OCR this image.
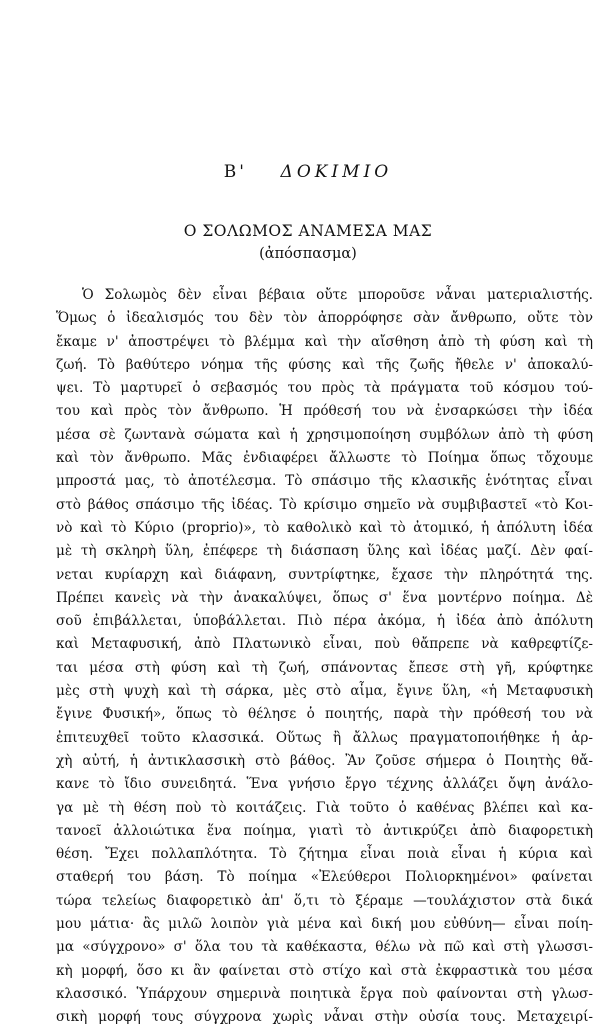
Β' ΔΟΚΙΜΙΟ
Ο ΣΟΛΩΜΟΣ ΑΝΑΜΕΣΑ ΜΑΣ
(ἀπόσπασμα)
Ὁ Σολωμὸς δὲν εἶναι βέβαια οὔτε μποροῦσε νἆναι ματεριαλιστής.
Ὅμως ὁ ἰδεαλισμός του δὲν τὸν ἀπορρόφησε σὰν ἄνθρωπο, οὔτε τὸν
ἔκαμε ν' ἀποστρέψει τὸ βλέμμα καὶ τὴν αἴσθηση ἀπὸ τὴ φύση καὶ τὴ
ζωή. Τὸ βαθύτερο νόημα τῆς φύσης καὶ τῆς ζωῆς ἤθελε ν' ἀποκαλύ-
ψει. Τὸ μαρτυρεῖ ὁ σεβασμός του πρὸς τὰ πράγματα τοῦ κόσμου τού-
του καὶ πρὸς τὸν ἄνθρωπο. Ἡ πρόθεσή του νὰ ἐνσαρκώσει τὴν ἰδέα
μέσα σὲ ζωντανὰ σώματα καὶ ἡ χρησιμοποίηση συμβόλων ἀπὸ τὴ φύση
καὶ τὸν ἄνθρωπο. Μᾶς ἐνδιαφέρει ἄλλωστε τὸ Ποίημα ὅπως τὄχουμε
μπροστά μας, τὸ ἀποτέλεσμα. Τὸ σπάσιμο τῆς κλασικῆς ἑνότητας εἶναι
στὸ βάθος σπάσιμο τῆς ἰδέας. Τὸ κρίσιμο σημεῖο νὰ συμβιβαστεῖ «τὸ Κοι-
νὸ καὶ τὸ Κύριο (proprio)», τὸ καθολικὸ καὶ τὸ ἀτομικό, ἡ ἀπόλυτη ἰδέα
μὲ τὴ σκληρὴ ὕλη, ἐπέφερε τὴ διάσπαση ὕλης καὶ ἰδέας μαζί. Δὲν φαί-
νεται κυρίαρχη καὶ διάφανη, συντρίφτηκε, ἔχασε τὴν πληρότητά της.
Πρέπει κανεὶς νὰ τὴν ἀνακαλύψει, ὅπως σ' ἕνα μοντέρνο ποίημα. Δὲ
σοῦ ἐπιβάλλεται, ὑποβάλλεται. Πιὸ πέρα ἀκόμα, ἡ ἰδέα ἀπὸ ἀπόλυτη
καὶ Μεταφυσική, ἀπὸ Πλατωνικὸ εἶναι, ποὺ θἄπρεπε νὰ καθρεφτίζε-
ται μέσα στὴ φύση καὶ τὴ ζωή, σπάνοντας ἔπεσε στὴ γῆ, κρύφτηκε
μὲς στὴ ψυχὴ καὶ τὴ σάρκα, μὲς στὸ αἷμα, ἔγινε ὕλη, «ἡ Μεταφυσικὴ
ἔγινε Φυσική», ὅπως τὸ θέλησε ὁ ποιητής, παρὰ τὴν πρόθεσή του νὰ
ἐπιτευχθεῖ τοῦτο κλασσικά. Οὕτως ἢ ἄλλως πραγματοποιήθηκε ἡ ἀρ-
χὴ αὐτή, ἡ ἀντικλασσικὴ στὸ βάθος. Ἂν ζοῦσε σήμερα ὁ Ποιητὴς θἄ-
κανε τὸ ἴδιο συνειδητά. Ἕνα γνήσιο ἔργο τέχνης ἀλλάζει ὄψη ἀνάλο-
γα μὲ τὴ θέση ποὺ τὸ κοιτάζεις. Γιὰ τοῦτο ὁ καθένας βλέπει καὶ κα-
τανοεῖ ἀλλοιώτικα ἕνα ποίημα, γιατὶ τὸ ἀντικρύζει ἀπὸ διαφορετικὴ
θέση. Ἔχει πολλαπλότητα. Τὸ ζήτημα εἶναι ποιὰ εἶναι ἡ κύρια καὶ
σταθερή του βάση. Τὸ ποίημα «Ἐλεύθεροι Πολιορκημένοι» φαίνεται
τώρα τελείως διαφορετικὸ ἀπ' ὅ,τι τὸ ξέραμε —τουλάχιστον στὰ δικά
μου μάτια· ἂς μιλῶ λοιπὸν γιὰ μένα καὶ δική μου εὐθύνη— εἶναι ποίη-
μα «σύγχρονο» σ' ὅλα του τὰ καθέκαστα, θέλω νὰ πῶ καὶ στὴ γλωσσι-
κὴ μορφή, ὅσο κι ἂν φαίνεται στὸ στίχο καὶ στὰ ἐκφραστικὰ του μέσα
κλασσικό. Ὑπάρχουν σημερινὰ ποιητικὰ ἔργα ποὺ φαίνονται στὴ γλωσ-
σικὴ μορφή τους σύγχρονα χωρὶς νἆναι στὴν οὐσία τους. Μεταχειρί-
